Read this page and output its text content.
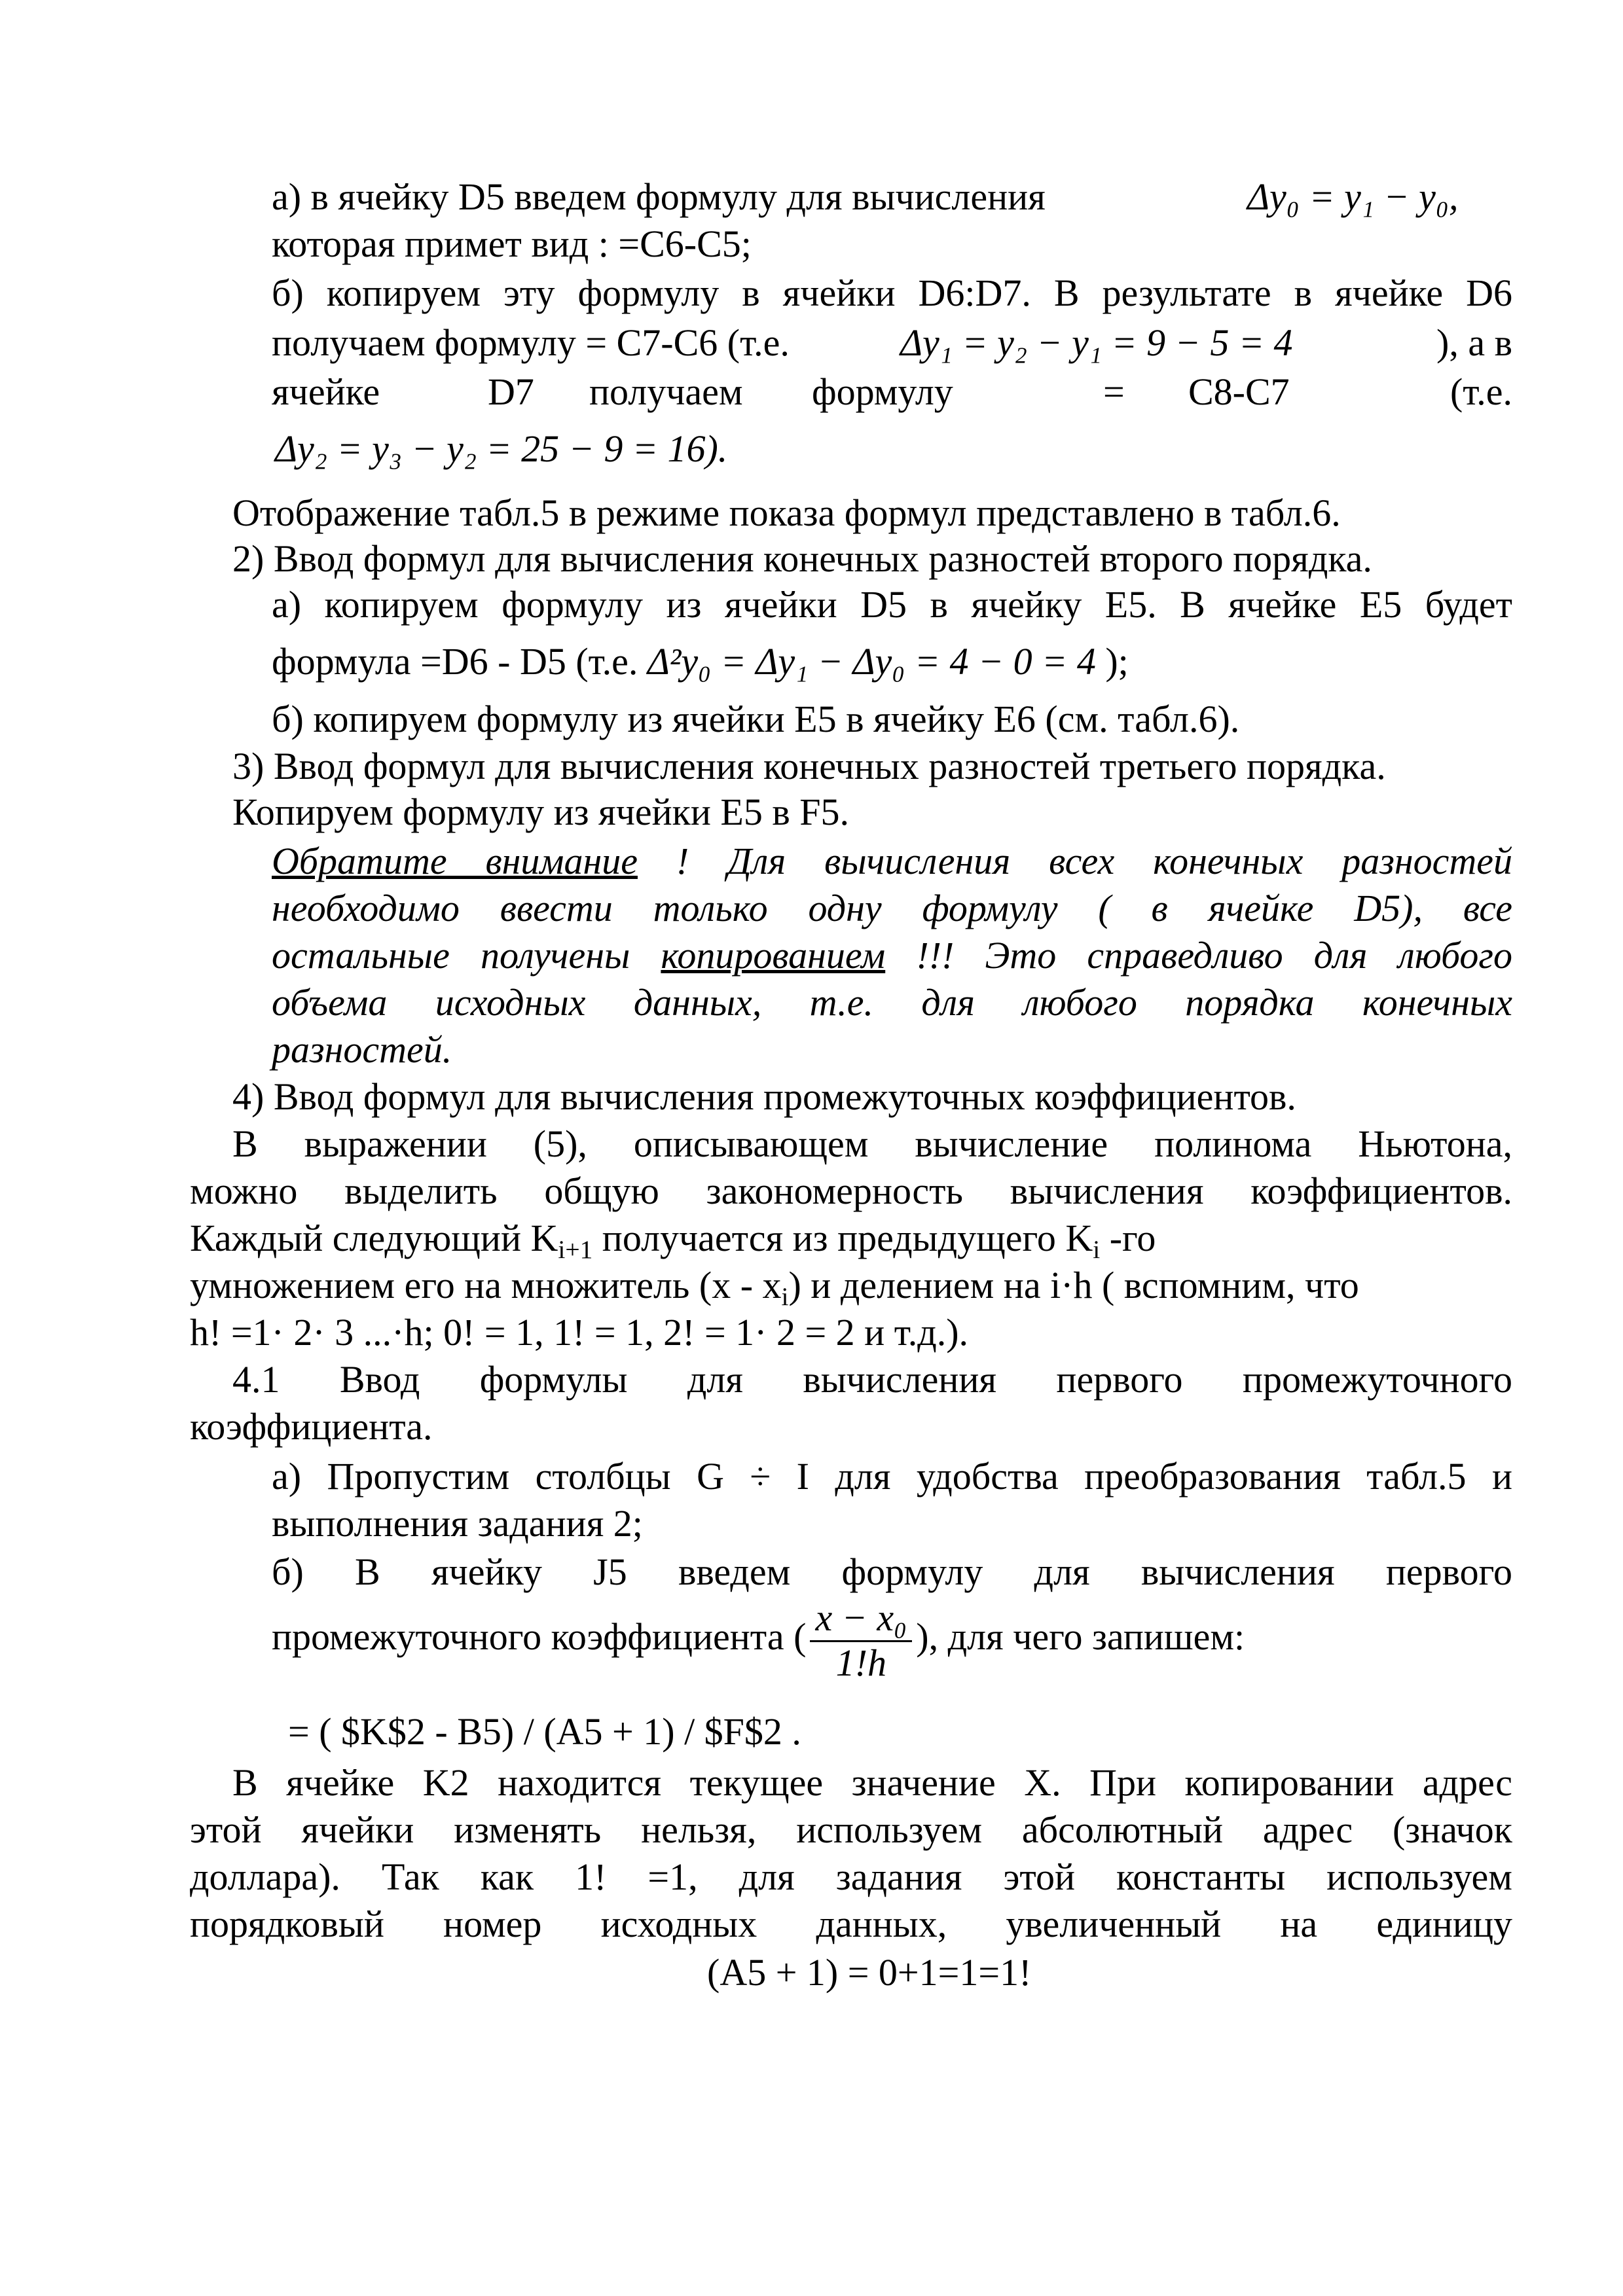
а) в ячейку D5 введем формулу для вычисления	Δy₀ = y₁ − y₀,
которая примет вид : =С6-С5;
б) копируем эту формулу в ячейки D6:D7. В результате в ячейке D6
получаем формулу = С7-С6 (т.е.	Δy₁ = y₂ − y₁ = 9 − 5 = 4	), а в
ячейке	D7 получаем формулу	= С8-С7	(т.е.
Δy₂ = y₃ − y₂ = 25 − 9 = 16).
Отображение табл.5 в режиме показа формул представлено в табл.6.
2) Ввод формул для вычисления конечных разностей второго порядка.
а) копируем формулу из ячейки D5 в ячейку E5. В ячейке E5 будет
формула =D6 - D5 (т.е. Δ²y₀ = Δy₁ − Δy₀ = 4 − 0 = 4 );
б) копируем формулу из ячейки E5 в ячейку E6 (см. табл.6).
3) Ввод формул для вычисления конечных разностей третьего порядка.
Копируем формулу из ячейки E5 в F5.
Обратите внимание ! Для вычисления всех конечных разностей
необходимо ввести только одну формулу ( в ячейке D5), все
остальные получены копированием !!! Это справедливо для любого
объема исходных данных, т.е. для любого порядка конечных
разностей.
4) Ввод формул для вычисления промежуточных коэффициентов.
В выражении (5), описывающем вычисление полинома Ньютона,
можно выделить общую закономерность вычисления коэффициентов.
Каждый следующий $K_{i+1}$ получается из предыдущего $K_i$ -го
умножением его на множитель $(x - x_i)$ и делением на i·h ( вспомним, что
h! =1· 2· 3 ...·h; 0! = 1, 1! = 1, 2! = 1· 2 = 2 и т.д.).
4.1 Ввод формулы для вычисления первого промежуточного
коэффициента.
а) Пропустим столбцы G ÷ I для удобства преобразования табл.5 и
выполнения задания 2;
б) В ячейку J5 введем формулу для вычисления первого
промежуточного коэффициента ( $\frac{\text{x − x₀}}{1!h}$ ), для чего запишем:
= ( $K$2 - B5) / (A5 + 1) / $F$2 .
В ячейке K2 находится текущее значение X. При копировании адрес
этой ячейки изменять нельзя, используем абсолютный адрес (значок
доллара). Так как 1! =1, для задания этой константы используем
порядковый номер исходных данных, увеличенный на единицу
(А5 + 1) = 0+1=1=1!
